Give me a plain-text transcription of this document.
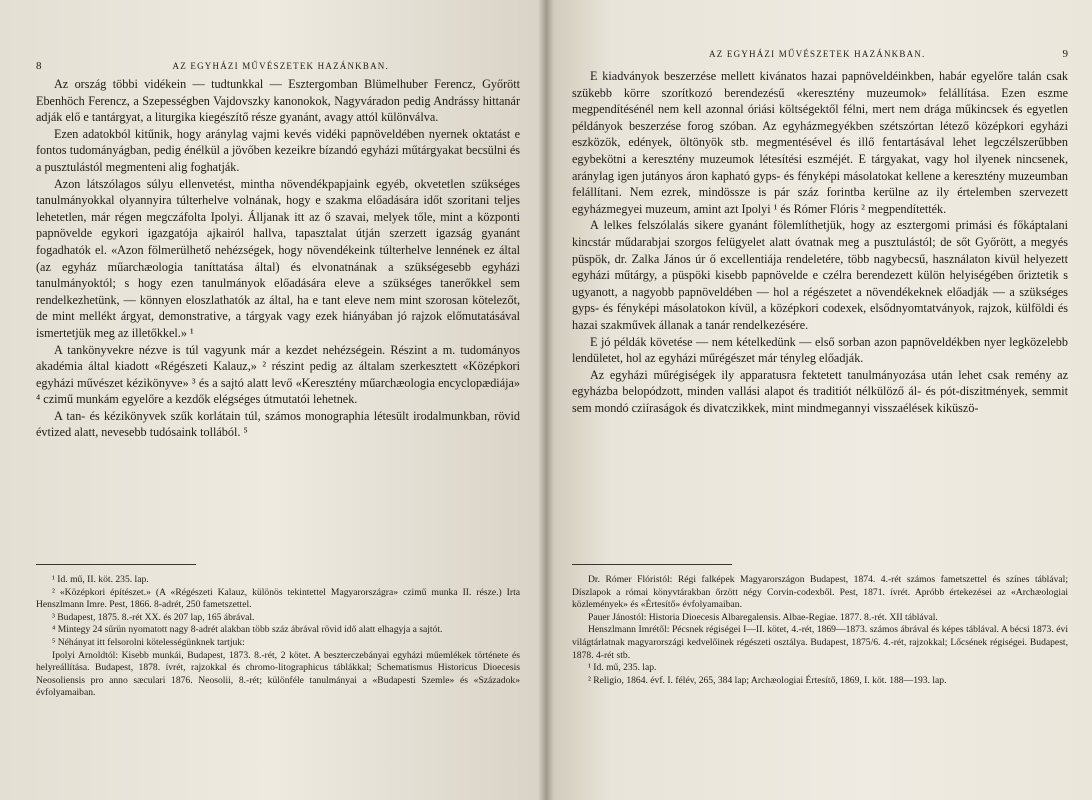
8	AZ EGYHÁZI MŰVÉSZETEK HAZÁNKBAN.

Az ország többi vidékein — tudtunkkal — Esztergomban Blümelhuber Ferencz, Győrött Ebenhöch Ferencz, a Szepességben Vajdovszky kanonokok, Nagyváradon pedig Andrássy hittanár adják elő e tantárgyat, a liturgika kiegészítő része gyanánt, avagy attól különválva.

Ezen adatokból kitűnik, hogy aránylag vajmi kevés vidéki papnöveldében nyernek oktatást e fontos tudományágban, pedig énélkül a jövőben kezeikre bízandó egyházi műtárgyakat becsülni és a pusztulástól megmenteni alig foghatják.

Azon látszólagos súlyu ellenvetést, mintha növendékpapjaink egyéb, okvetetlen szükséges tanulmányokkal olyannyira túlterhelve volnának, hogy e szakma előadására időt szoritani teljes lehetetlen, már régen megczáfolta Ipolyi. Álljanak itt az ő szavai, melyek tőle, mint a központi papnövelde egykori igazgatója ajkairól hallva, tapasztalat útján szerzett igazság gyanánt fogadhatók el. «Azon fölmerülhető nehézségek, hogy növendékeink túlterhelve lennének ez által (az egyház műarchæologia taníttatása által) és elvonatnának a szükségesebb egyházi tanulmányoktól; s hogy ezen tanulmányok előadására eleve a szükséges tanerőkkel sem rendelkezhetünk, — könnyen eloszlathatók az által, ha e tant eleve nem mint szorosan kötelezőt, de mint mellékt árgyat, demonstrative, a tárgyak vagy ezek hiányában jó rajzok előmutatásával ismertetjük meg az illetőkkel.» ¹

A tankönyvekre nézve is túl vagyunk már a kezdet nehézségein. Részint a m. tudományos akadémia által kiadott «Régészeti Kalauz,» ² részint pedig az általam szerkesztett «Középkori egyházi művészet kézikönyve» ³ és a sajtó alatt levő «Keresztény műarchæologia encyclopædiája» ⁴ czimű munkám egyelőre a kezdők elégséges útmutatói lehetnek.

A tan- és kézikönyvek szűk korlátain túl, számos monographia létesült irodalmunkban, rövid évtized alatt, nevesebb tudósaink tollából. ⁵

¹ Id. mű, II. köt. 235. lap.

² «Középkori építészet.» (A «Régészeti Kalauz, különös tekintettel Magyarországra» czimű munka II. része.) Irta Henszlmann Imre. Pest, 1866. 8-adrét, 250 fametszettel.

³ Budapest, 1875. 8.-rét XX. és 207 lap, 165 ábrával.

⁴ Mintegy 24 sűrün nyomatott nagy 8-adrét alakban több száz ábrával rövid idő alatt elhagyja a sajtót.

⁵ Néhányat itt felsorolni kötelességünknek tartjuk:

Ipolyi Arnoldtól: Kisebb munkái, Budapest, 1873. 8.-rét, 2 kötet. A beszterczebányai egyházi műemlékek története és helyreállítása. Budapest, 1878. ívrét, rajzokkal és chromo-litographicus táblákkal; Schematismus Historicus Dioecesis Neosoliensis pro anno sæculari 1876. Neosolii, 8.-rét; különféle tanulmányai a «Budapesti Szemle» és «Századok» évfolyamaiban.

AZ EGYHÁZI MŰVÉSZETEK HAZÁNKBAN.	9

E kiadványok beszerzése mellett kivánatos hazai papnöveldéinkben, habár egyelőre talán csak szükebb körre szorítkozó berendezésű «keresztény muzeumok» felállítása. Ezen eszme megpendítésénél nem kell azonnal óriási költségektől félni, mert nem drága műkincsek és egyetlen példányok beszerzése forog szóban. Az egyházmegyékben szétszórtan létező középkori egyházi eszközök, edények, öltönyök stb. megmentésével és illő fentartásával lehet legczélszerűbben egybekötni a keresztény muzeumok létesítési eszméjét. E tárgyakat, vagy hol ilyenek nincsenek, aránylag igen jutányos áron kapható gyps- és fényképi másolatokat kellene a keresztény muzeumban felállítani. Nem ezrek, mindössze is pár száz forintba kerülne az ily értelemben szervezett egyházmegyei muzeum, amint azt Ipolyi ¹ és Rómer Flóris ² megpendítették.

A lelkes felszólalás sikere gyanánt fölemlíthetjük, hogy az esztergomi primási és főkáptalani kincstár műdarabjai szorgos felügyelet alatt óvatnak meg a pusztulástól; de sőt Győrött, a megyés püspök, dr. Zalka János úr ő excellentiája rendeletére, több nagybecsű, használaton kivül helyezett egyházi műtárgy, a püspöki kisebb papnövelde e czélra berendezett külön helyiségében őriztetik s ugyanott, a nagyobb papnöveldében — hol a régészetet a növendékeknek előadják — a szükséges gyps- és fényképi másolatokon kívül, a középkori codexek, elsődnyomtatványok, rajzok, külföldi és hazai szakművek állanak a tanár rendelkezésére.

E jó példák követése — nem kételkedünk — első sorban azon papnöveldékben nyer legközelebb lendületet, hol az egyházi műrégészet már tényleg előadják.

Az egyházi műrégiségek ily apparatusra fektetett tanulmányozása után lehet csak remény az egyházba belopódzott, minden vallási alapot és traditiót nélkülöző ál- és pót-diszitmények, semmit sem mondó cziíraságok és divatczikkek, mint mindmegannyi visszaélések kiküszö-

Dr. Rómer Flóristól: Régi falképek Magyarországon Budapest, 1874. 4.-rét számos fametszettel és színes táblával; Díszlapok a római könyvtárakban őrzött négy Corvin-codexből. Pest, 1871. ívrét. Apróbb értekezései az «Archæologiai közlemények» és «Értesítő» évfolyamaiban.

Pauer Jánostól: Historia Dioecesis Albaregalensis. Albae-Regiae. 1877. 8.-rét. XII táblával.

Henszlmann Imrétől: Pécsnek régiségei I—II. kötet, 4.-rét, 1869—1873. számos ábrával és képes táblával. A bécsi 1873. évi világtárlatnak magyarországi kedvelőinek régészeti osztálya. Budapest, 1875/6. 4.-rét, rajzokkal; Lőcsének régiségei. Budapest, 1878. 4-rét stb.

¹ Id. mű, 235. lap.

² Religio, 1864. évf. I. félév, 265, 384 lap; Archæologiai Értesítő, 1869, I. köt. 188—193. lap.
